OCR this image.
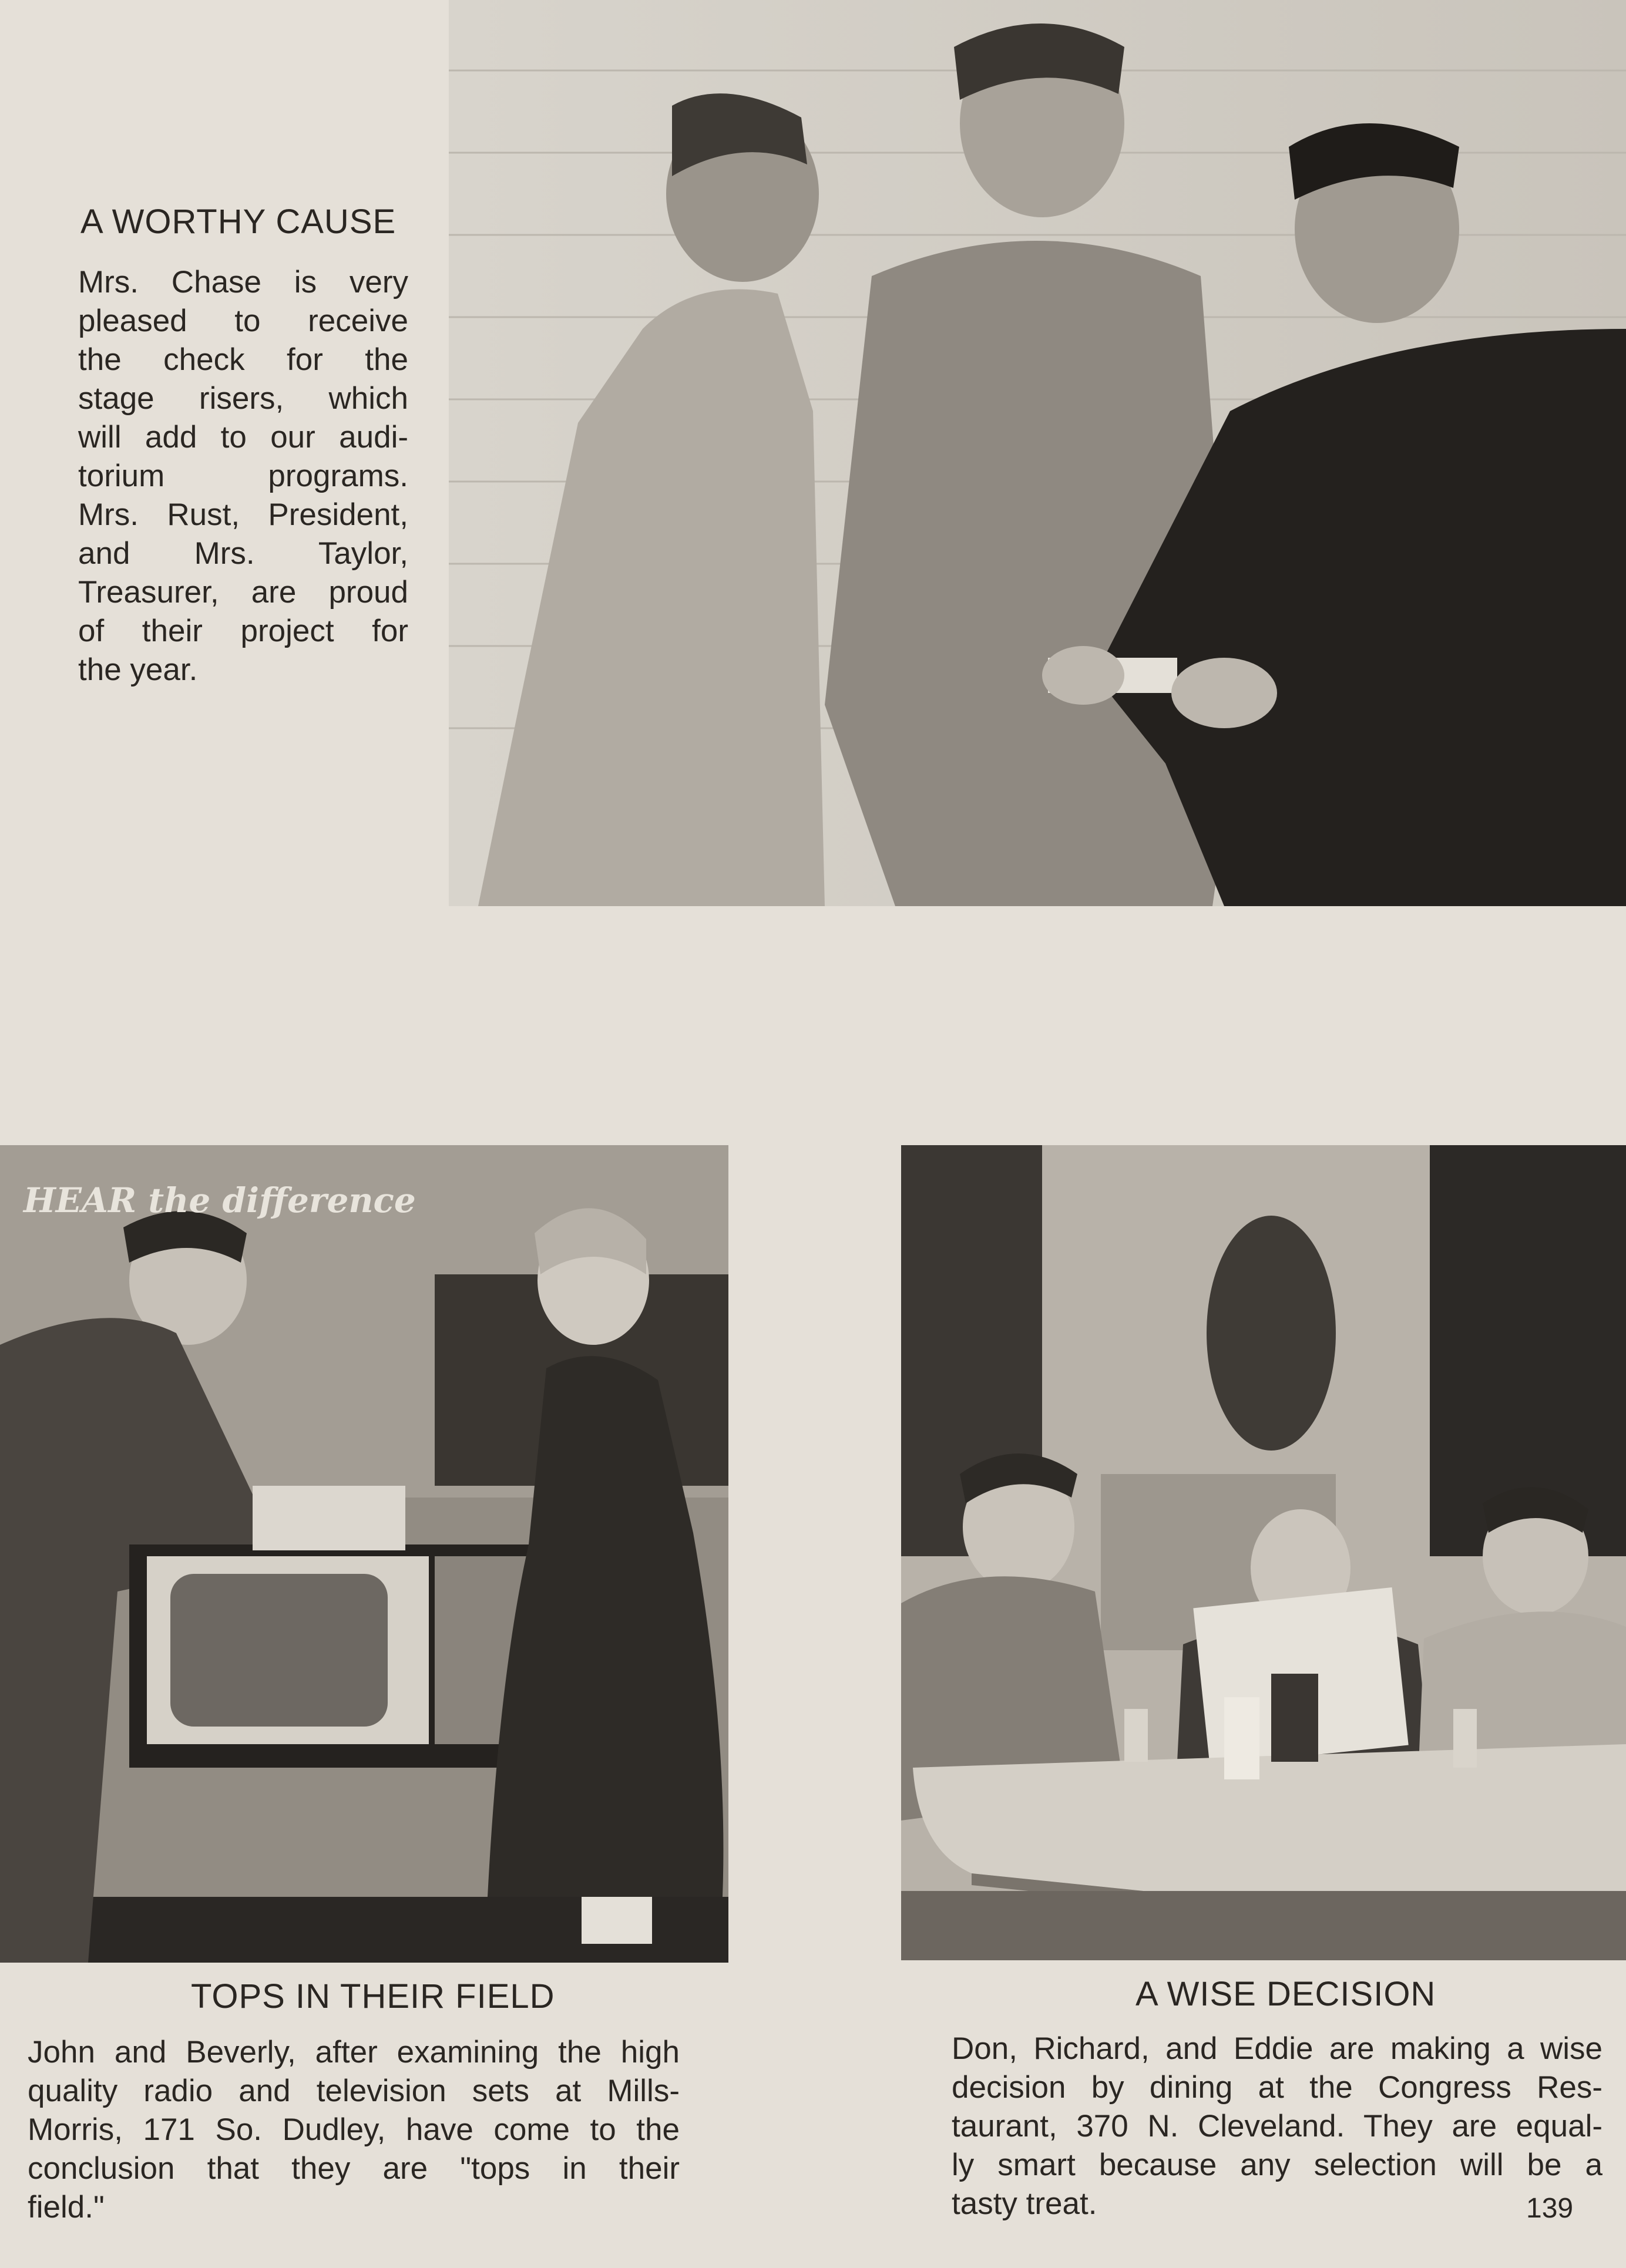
A WORTHY CAUSE
Mrs. Chase is very
pleased to receive
the check for the
stage risers, which
will add to our audi-
torium programs.
Mrs. Rust, President,
and Mrs. Taylor,
Treasurer, are proud
of their project for
the year.
HEAR the difference
TOPS IN THEIR FIELD
John and Beverly, after examining the high
quality radio and television sets at Mills-
Morris, 171 So. Dudley, have come to the
conclusion that they are "tops in their
field."
A WISE DECISION
Don, Richard, and Eddie are making a wise
decision by dining at the Congress Res-
taurant, 370 N. Cleveland. They are equal-
ly smart because any selection will be a
tasty treat.	139
